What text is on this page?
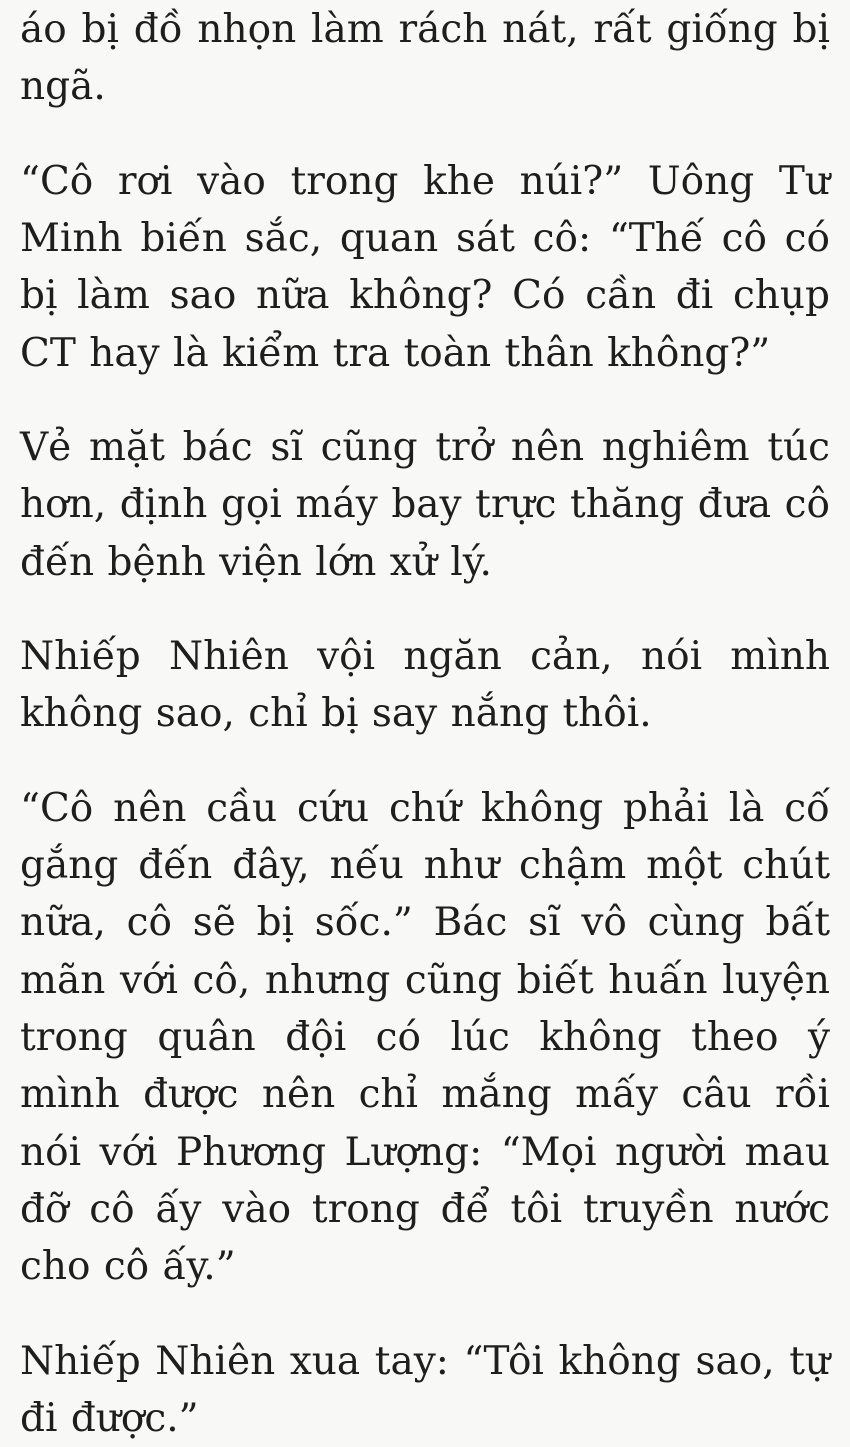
áo bị đồ nhọn làm rách nát, rất giống bị ngã.

“Cô rơi vào trong khe núi?” Uông Tư Minh biến sắc, quan sát cô: “Thế cô có bị làm sao nữa không? Có cần đi chụp CT hay là kiểm tra toàn thân không?”

Vẻ mặt bác sĩ cũng trở nên nghiêm túc hơn, định gọi máy bay trực thăng đưa cô đến bệnh viện lớn xử lý.

Nhiếp Nhiên vội ngăn cản, nói mình không sao, chỉ bị say nắng thôi.

“Cô nên cầu cứu chứ không phải là cố gắng đến đây, nếu như chậm một chút nữa, cô sẽ bị sốc.” Bác sĩ vô cùng bất mãn với cô, nhưng cũng biết huấn luyện trong quân đội có lúc không theo ý mình được nên chỉ mắng mấy câu rồi nói với Phương Lượng: “Mọi người mau đỡ cô ấy vào trong để tôi truyền nước cho cô ấy.”

Nhiếp Nhiên xua tay: “Tôi không sao, tự đi được.”
